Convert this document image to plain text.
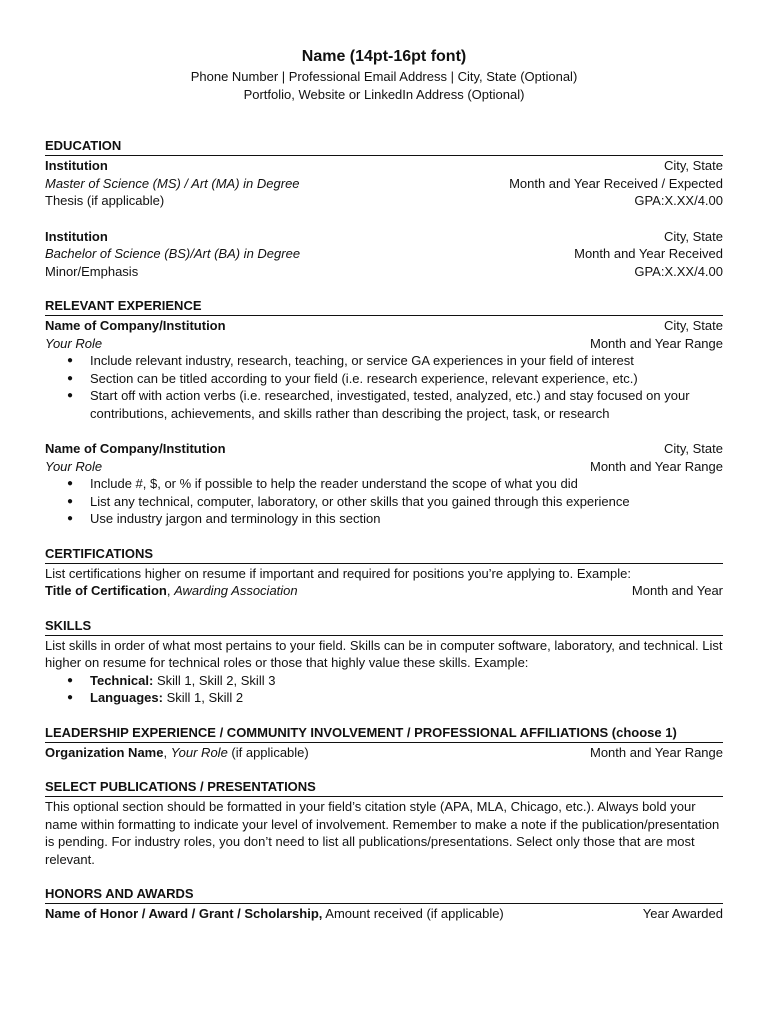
Name (14pt-16pt font)
Phone Number | Professional Email Address | City, State (Optional)
Portfolio, Website or LinkedIn Address (Optional)
EDUCATION
Institution	City, State
Master of Science (MS) / Art (MA) in Degree	Month and Year Received / Expected
Thesis (if applicable)	GPA:X.XX/4.00
Institution	City, State
Bachelor of Science (BS)/Art (BA) in Degree	Month and Year Received
Minor/Emphasis	GPA:X.XX/4.00
RELEVANT EXPERIENCE
Name of Company/Institution	City, State
Your Role	Month and Year Range
● Include relevant industry, research, teaching, or service GA experiences in your field of interest
● Section can be titled according to your field (i.e. research experience, relevant experience, etc.)
● Start off with action verbs (i.e. researched, investigated, tested, analyzed, etc.) and stay focused on your contributions, achievements, and skills rather than describing the project, task, or research
Name of Company/Institution	City, State
Your Role	Month and Year Range
● Include #, $, or % if possible to help the reader understand the scope of what you did
● List any technical, computer, laboratory, or other skills that you gained through this experience
● Use industry jargon and terminology in this section
CERTIFICATIONS

List certifications higher on resume if important and required for positions you’re applying to. Example:

Title of Certification, Awarding Association	Month and Year
SKILLS

List skills in order of what most pertains to your field. Skills can be in computer software, laboratory, and technical. List higher on resume for technical roles or those that highly value these skills. Example:

● Technical: Skill 1, Skill 2, Skill 3
● Languages: Skill 1, Skill 2
LEADERSHIP EXPERIENCE / COMMUNITY INVOLVEMENT / PROFESSIONAL AFFILIATIONS (choose 1)
Organization Name, Your Role (if applicable)	Month and Year Range
SELECT PUBLICATIONS / PRESENTATIONS

This optional section should be formatted in your field’s citation style (APA, MLA, Chicago, etc.). Always bold your name within formatting to indicate your level of involvement. Remember to make a note if the publication/presentation is pending. For industry roles, you don’t need to list all publications/presentations. Select only those that are most relevant.

HONORS AND AWARDS
Name of Honor / Award / Grant / Scholarship, Amount received (if applicable)	Year Awarded
